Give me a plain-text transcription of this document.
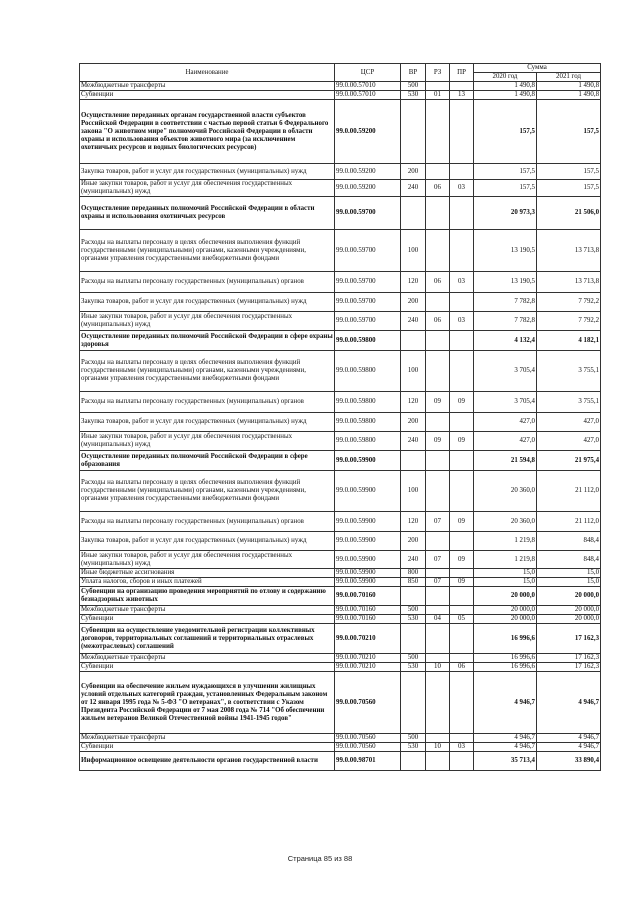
Наименование	ЦСР	ВР	РЗ	ПР	Сумма	
					2020 год	2021 год
Межбюджетные трансферты	99.0.00.57010	500			1 490,8	1 490,8
Субвенции	99.0.00.57010	530	01	13	1 490,8	1 490,8
Осуществление переданных органам государственной власти субъектов Российской Федерации в соответствии с частью первой статьи 6 Федерального закона "О животном мире" полномочий Российской Федерации в области охраны и использования объектов животного мира (за исключением охотничьих ресурсов и водных биологических ресурсов)	99.0.00.59200				157,5	157,5
Закупка товаров, работ и услуг для государственных (муниципальных) нужд	99.0.00.59200	200			157,5	157,5
Иные закупки товаров, работ и услуг для обеспечения государственных (муниципальных) нужд	99.0.00.59200	240	06	03	157,5	157,5
Осуществление переданных полномочий Российской Федерации в области охраны и использования охотничьих ресурсов	99.0.00.59700				20 973,3	21 506,0
Расходы на выплаты персоналу в целях обеспечения выполнения функций государственными (муниципальными) органами, казенными учреждениями, органами управления государственными внебюджетными фондами	99.0.00.59700	100			13 190,5	13 713,8
Расходы на выплаты персоналу государственных (муниципальных) органов	99.0.00.59700	120	06	03	13 190,5	13 713,8
Закупка товаров, работ и услуг для государственных (муниципальных) нужд	99.0.00.59700	200			7 782,8	7 792,2
Иные закупки товаров, работ и услуг для обеспечения государственных (муниципальных) нужд	99.0.00.59700	240	06	03	7 782,8	7 792,2
Осуществление переданных полномочий Российской Федерации в сфере охраны здоровья	99.0.00.59800				4 132,4	4 182,1
Расходы на выплаты персоналу в целях обеспечения выполнения функций государственными (муниципальными) органами, казенными учреждениями, органами управления государственными внебюджетными фондами	99.0.00.59800	100			3 705,4	3 755,1
Расходы на выплаты персоналу государственных (муниципальных) органов	99.0.00.59800	120	09	09	3 705,4	3 755,1
Закупка товаров, работ и услуг для государственных (муниципальных) нужд	99.0.00.59800	200			427,0	427,0
Иные закупки товаров, работ и услуг для обеспечения государственных (муниципальных) нужд	99.0.00.59800	240	09	09	427,0	427,0
Осуществление переданных полномочий Российской Федерации в сфере образования	99.0.00.59900				21 594,8	21 975,4
Расходы на выплаты персоналу в целях обеспечения выполнения функций государственными (муниципальными) органами, казенными учреждениями, органами управления государственными внебюджетными фондами	99.0.00.59900	100			20 360,0	21 112,0
Расходы на выплаты персоналу государственных (муниципальных) органов	99.0.00.59900	120	07	09	20 360,0	21 112,0
Закупка товаров, работ и услуг для государственных (муниципальных) нужд	99.0.00.59900	200			1 219,8	848,4
Иные закупки товаров, работ и услуг для обеспечения государственных (муниципальных) нужд	99.0.00.59900	240	07	09	1 219,8	848,4
Иные бюджетные ассигнования	99.0.00.59900	800			15,0	15,0
Уплата налогов, сборов и иных платежей	99.0.00.59900	850	07	09	15,0	15,0
Субвенции на организацию проведения мероприятий по отлову и содержанию безнадзорных животных	99.0.00.70160				20 000,0	20 000,0
Межбюджетные трансферты	99.0.00.70160	500			20 000,0	20 000,0
Субвенции	99.0.00.70160	530	04	05	20 000,0	20 000,0
Субвенции на осуществление уведомительной регистрации коллективных договоров, территориальных соглашений и территориальных отраслевых (межотраслевых) соглашений	99.0.00.70210				16 996,6	17 162,3
Межбюджетные трансферты	99.0.00.70210	500			16 996,6	17 162,3
Субвенции	99.0.00.70210	530	10	06	16 996,6	17 162,3
Субвенции на обеспечение жильем нуждающихся в улучшении жилищных условий отдельных категорий граждан, установленных Федеральным законом от 12 января 1995 года № 5-ФЗ "О ветеранах", в соответствии с Указом Президента Российской Федерации от 7 мая 2008 года № 714 "Об обеспечении жильем ветеранов Великой Отечественной войны 1941-1945 годов"	99.0.00.70560				4 946,7	4 946,7
Межбюджетные трансферты	99.0.00.70560	500			4 946,7	4 946,7
Субвенции	99.0.00.70560	530	10	03	4 946,7	4 946,7
Информационное освещение деятельности органов государственной власти	99.0.00.98701				35 713,4	33 890,4
Страница 85 из 88
